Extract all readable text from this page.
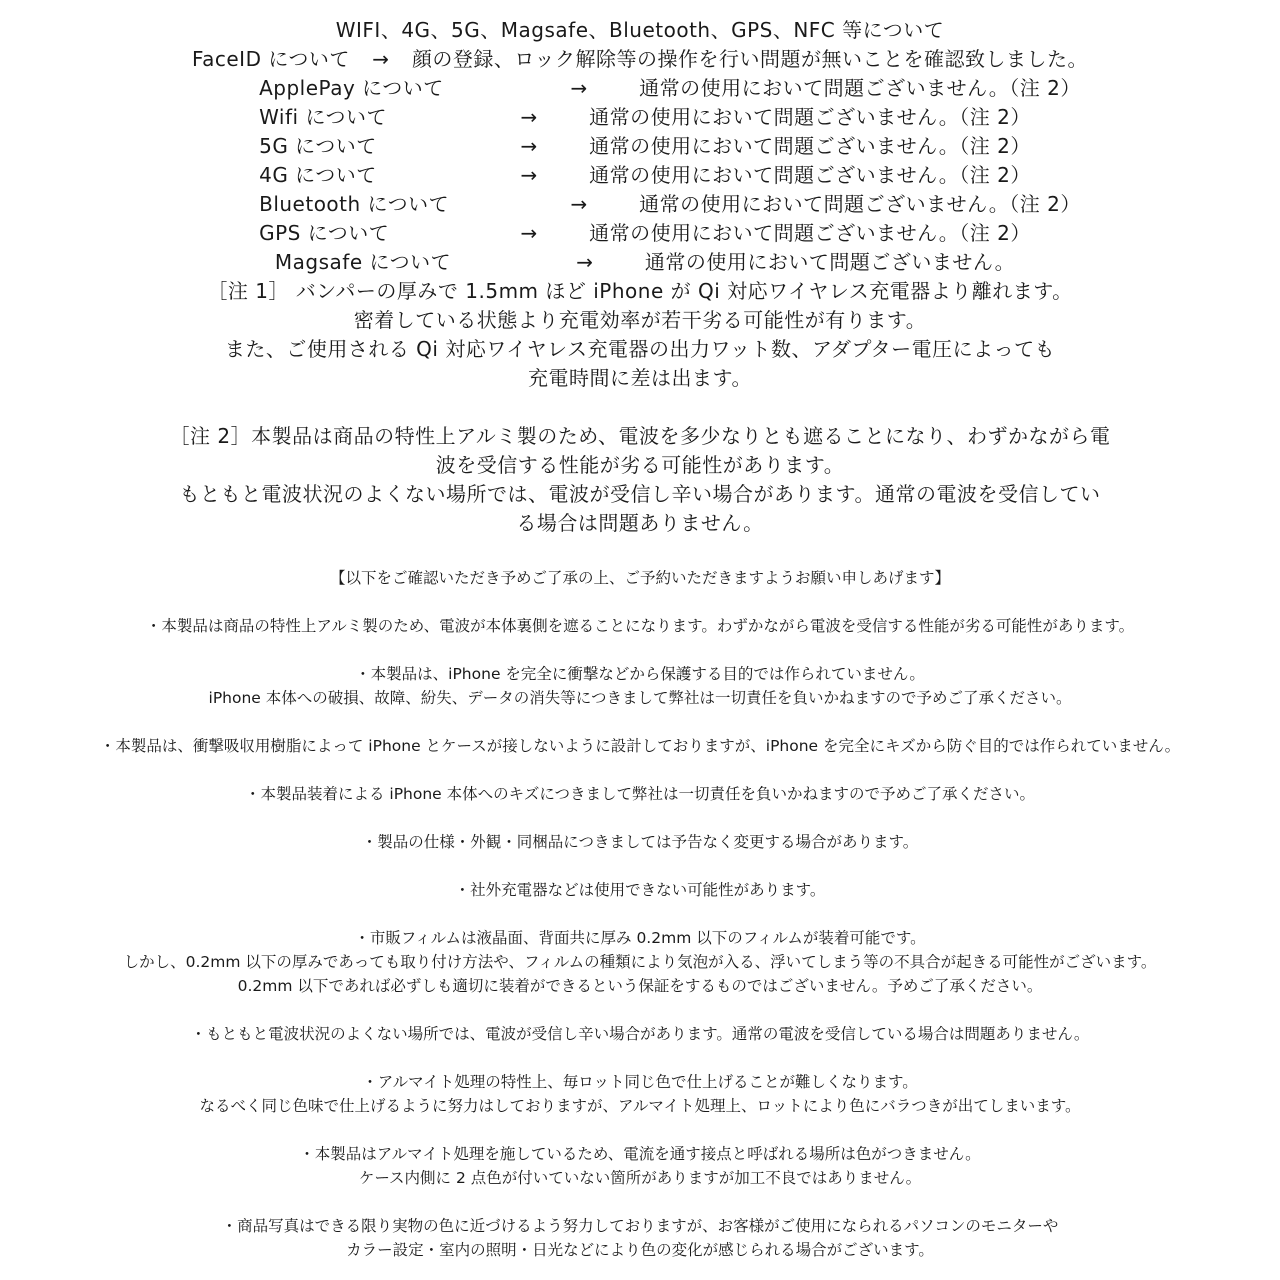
WIFI、4G、5G、Magsafe、Bluetooth、GPS、NFC 等について
FaceID について	→	顔の登録、ロック解除等の操作を行い問題が無いことを確認致しました。
ApplePay について	→	通常の使用において問題ございません。（注 2）
Wifi について	→	通常の使用において問題ございません。（注 2）
5G について	→	通常の使用において問題ございません。（注 2）
4G について	→	通常の使用において問題ございません。（注 2）
Bluetooth について	→	通常の使用において問題ございません。（注 2）
GPS について	→	通常の使用において問題ございません。（注 2）
Magsafe について	→	通常の使用において問題ございません。
［注 1］ バンパーの厚みで 1.5mm ほど iPhone が Qi 対応ワイヤレス充電器より離れます。
密着している状態より充電効率が若干劣る可能性が有ります。
また、ご使用される Qi 対応ワイヤレス充電器の出力ワット数、アダプター電圧によっても
充電時間に差は出ます。
［注 2］本製品は商品の特性上アルミ製のため、電波を多少なりとも遮ることになり、わずかながら電
波を受信する性能が劣る可能性があります。
もともと電波状況のよくない場所では、電波が受信し辛い場合があります。通常の電波を受信してい
る場合は問題ありません。
【以下をご確認いただき予めご了承の上、ご予約いただきますようお願い申しあげます】
・本製品は商品の特性上アルミ製のため、電波が本体裏側を遮ることになります。わずかながら電波を受信する性能が劣る可能性があります。
・本製品は、iPhone を完全に衝撃などから保護する目的では作られていません。
iPhone 本体への破損、故障、紛失、データの消失等につきまして弊社は一切責任を負いかねますので予めご了承ください。
・本製品は、衝撃吸収用樹脂によって iPhone とケースが接しないように設計しておりますが、iPhone を完全にキズから防ぐ目的では作られていません。
・本製品装着による iPhone 本体へのキズにつきまして弊社は一切責任を負いかねますので予めご了承ください。
・製品の仕様・外観・同梱品につきましては予告なく変更する場合があります。
・社外充電器などは使用できない可能性があります。
・市販フィルムは液晶面、背面共に厚み 0.2mm 以下のフィルムが装着可能です。
しかし、0.2mm 以下の厚みであっても取り付け方法や、フィルムの種類により気泡が入る、浮いてしまう等の不具合が起きる可能性がございます。
0.2mm 以下であれば必ずしも適切に装着ができるという保証をするものではございません。予めご了承ください。
・もともと電波状況のよくない場所では、電波が受信し辛い場合があります。通常の電波を受信している場合は問題ありません。
・アルマイト処理の特性上、毎ロット同じ色で仕上げることが難しくなります。
なるべく同じ色味で仕上げるように努力はしておりますが、アルマイト処理上、ロットにより色にバラつきが出てしまいます。
・本製品はアルマイト処理を施しているため、電流を通す接点と呼ばれる場所は色がつきません。
ケース内側に 2 点色が付いていない箇所がありますが加工不良ではありません。
・商品写真はできる限り実物の色に近づけるよう努力しておりますが、お客様がご使用になられるパソコンのモニターや
カラー設定・室内の照明・日光などにより色の変化が感じられる場合がございます。
